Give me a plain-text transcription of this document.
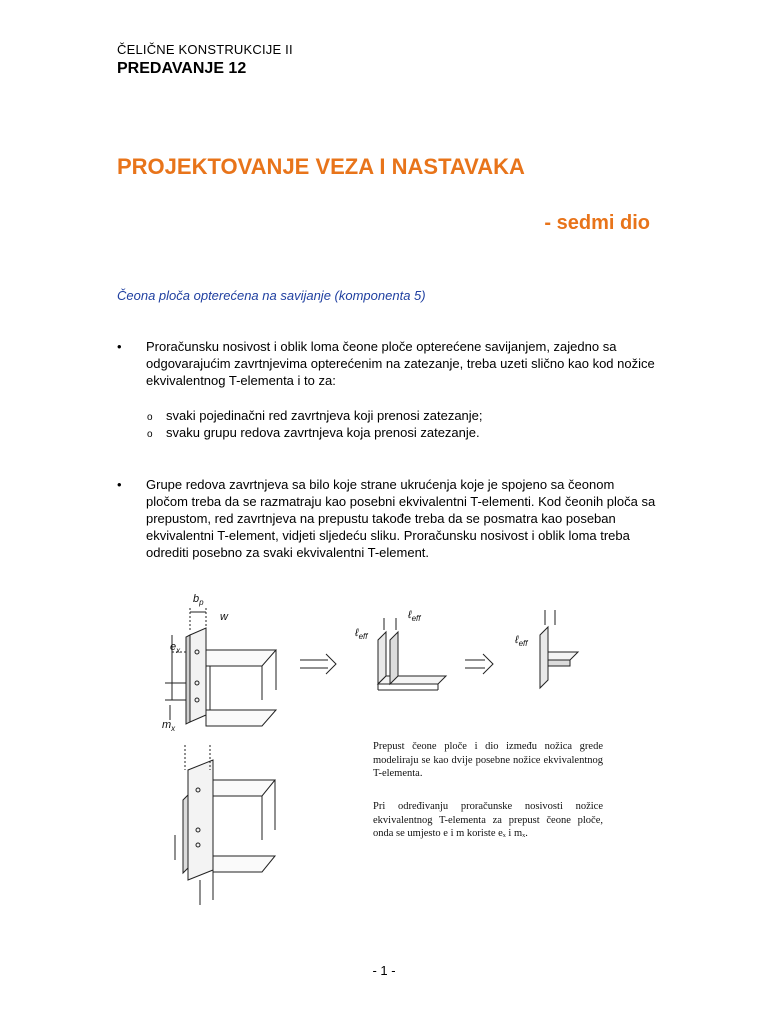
ČELIČNE KONSTRUKCIJE II
PREDAVANJE 12
PROJEKTOVANJE VEZA I NASTAVAKA
- sedmi dio
Čeona ploča opterećena na savijanje (komponenta 5)
• Proračunsku nosivost i oblik loma čeone ploče opterećene savijanjem, zajedno sa odgovarajućim zavrtnjevima opterećenim na zatezanje, treba uzeti slično kao kod nožice ekvivalentnog T-elementa i to za:
o svaki pojedinačni red zavrtnjeva koji prenosi zatezanje;
o svaku grupu redova zavrtnjeva koja prenosi zatezanje.
• Grupe redova zavrtnjeva sa bilo koje strane ukrućenja koje je spojeno sa čeonom pločom treba da se razmatraju kao posebni ekvivalentni T-elementi. Kod čeonih ploča sa prepustom, red zavrtnjeva na prepustu takođe treba da se posmatra kao poseban ekvivalentni T-element, vidjeti sljedeću sliku. Proračunsku nosivost i oblik loma treba odrediti posebno za svaki ekvivalentni T-element.
$b_p$
w
$e_x$
$m_x$
ℓ$_{eff}$
ℓ$_{eff}$	ℓ$_{eff}$
Prepust čeone ploče i dio između nožica grede modeliraju se kao dvije posebne nožice ekvivalentnog T-elementa.
Pri određivanju proračunske nosivosti nožice ekvivalentnog T-elementa za prepust čeone ploče, onda se umjesto e i m koriste eₓ i mₓ.
- 1 -
